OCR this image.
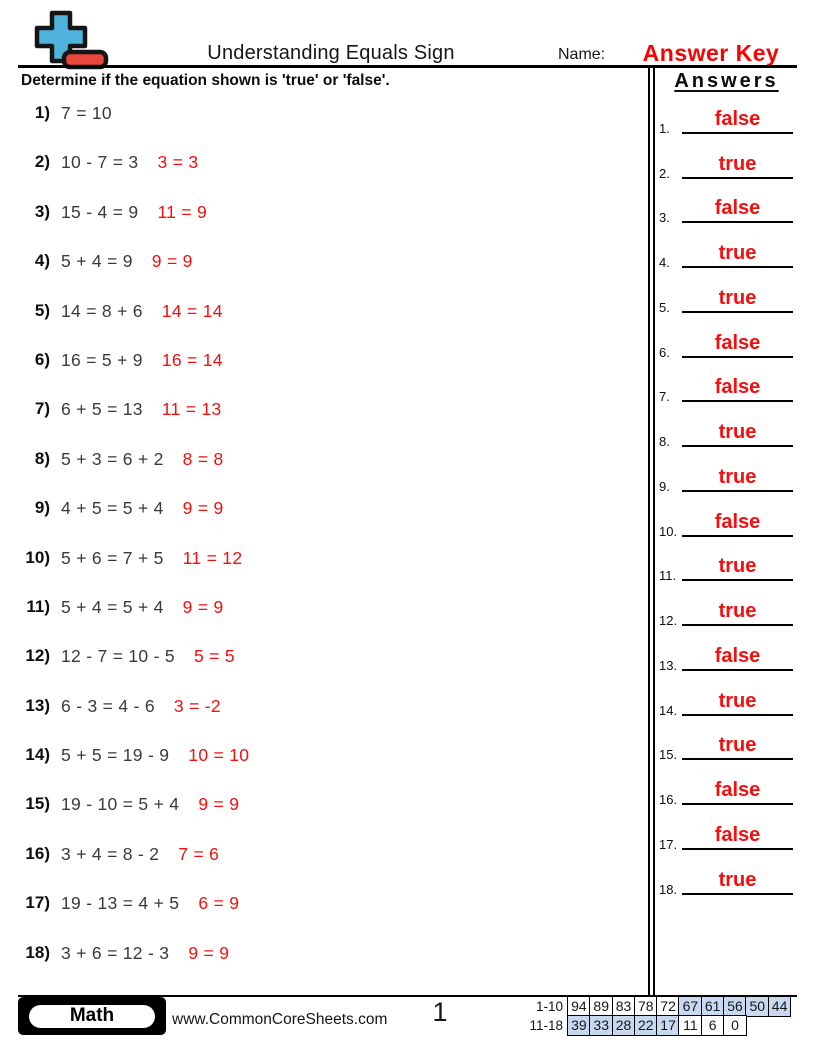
Understanding Equals Sign	Name:	Answer Key
Determine if the equation shown is 'true' or 'false'.
1) 7 = 10
2) 10 - 7 = 3 3 = 3
3) 15 - 4 = 9 11 = 9
4) 5 + 4 = 9 9 = 9
5) 14 = 8 + 6 14 = 14
6) 16 = 5 + 9 16 = 14
7) 6 + 5 = 13 11 = 13
8) 5 + 3 = 6 + 2 8 = 8
9) 4 + 5 = 5 + 4 9 = 9
10) 5 + 6 = 7 + 5 11 = 12
11) 5 + 4 = 5 + 4 9 = 9
12) 12 - 7 = 10 - 5 5 = 5
13) 6 - 3 = 4 - 6 3 = -2
14) 5 + 5 = 19 - 9 10 = 10
15) 19 - 10 = 5 + 4 9 = 9
16) 3 + 4 = 8 - 2 7 = 6
17) 19 - 13 = 4 + 5 6 = 9
18) 3 + 6 = 12 - 3 9 = 9
Answers
1.	false
2.	true
3.	false
4.	true
5.	true
6.	false
7.	false
8.	true
9.	true
10.	false
11.	true
12.	true
13.	false
14.	true
15.	true
16.	false
17.	false
18.	true
Math	www.CommonCoreSheets.com	1	1-10 94 89 83 78 72 67 61 56 50 44
11-18 39 33 28 22 17 11 6	0
